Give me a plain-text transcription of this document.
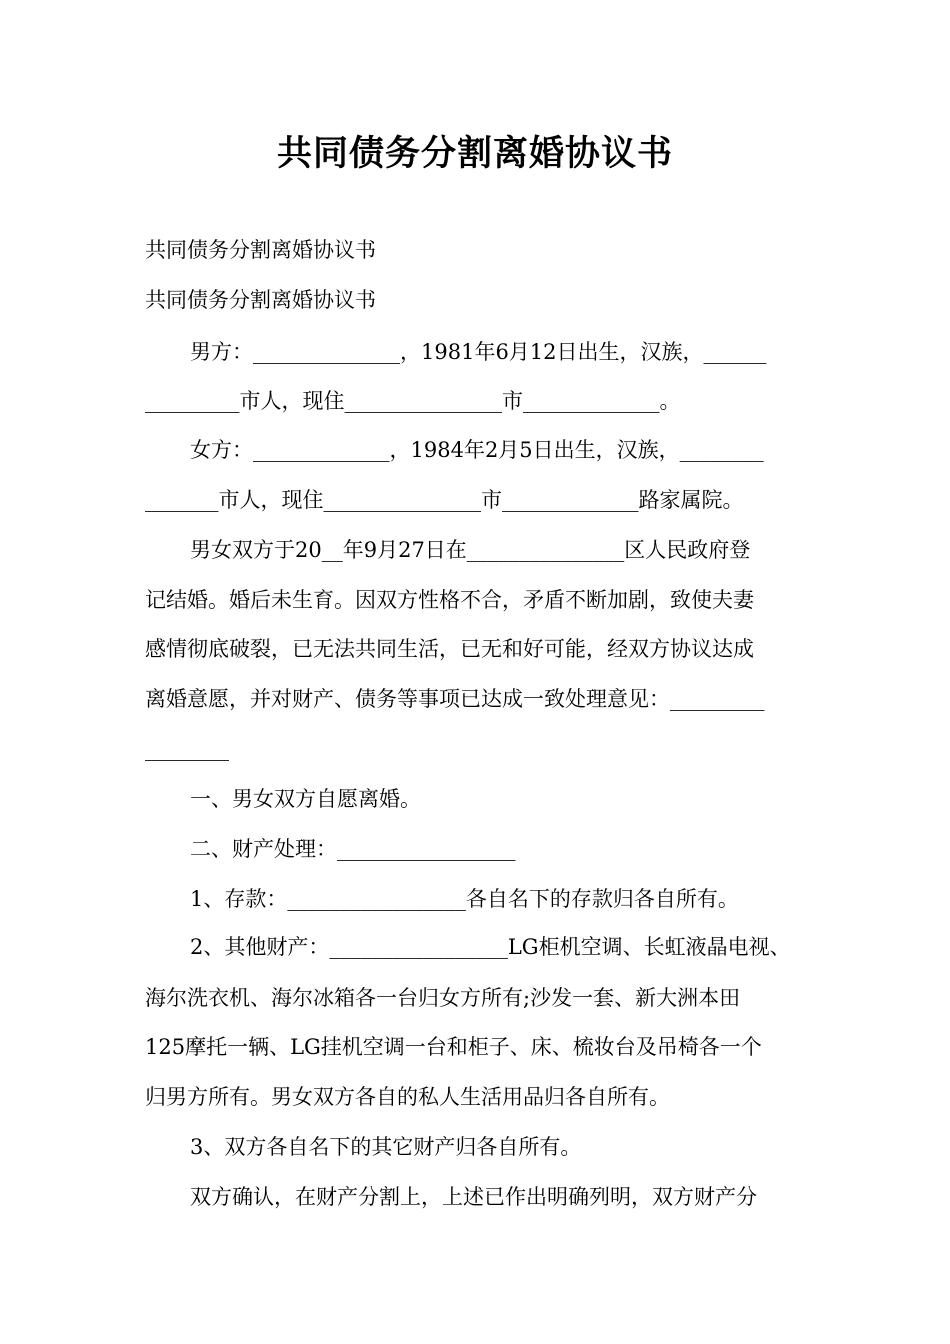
共同债务分割离婚协议书
共同债务分割离婚协议书
共同债务分割离婚协议书
男方：______________，1981年6月12日出生，汉族，______
_________市人，现住_______________市_____________。
女方：_____________，1984年2月5日出生，汉族，________
_______市人，现住_______________市_____________路家属院。
男女双方于20__年9月27日在_______________区人民政府登
记结婚。婚后未生育。因双方性格不合，矛盾不断加剧，致使夫妻
感情彻底破裂，已无法共同生活，已无和好可能，经双方协议达成
离婚意愿，并对财产、债务等事项已达成一致处理意见：_________
________
一、男女双方自愿离婚。
二、财产处理：_________________
1、存款：_________________各自名下的存款归各自所有。
2、其他财产：_________________LG柜机空调、长虹液晶电视、
海尔洗衣机、海尔冰箱各一台归女方所有;沙发一套、新大洲本田
125摩托一辆、LG挂机空调一台和柜子、床、梳妆台及吊椅各一个
归男方所有。男女双方各自的私人生活用品归各自所有。
3、双方各自名下的其它财产归各自所有。
双方确认，在财产分割上，上述已作出明确列明，双方财产分
